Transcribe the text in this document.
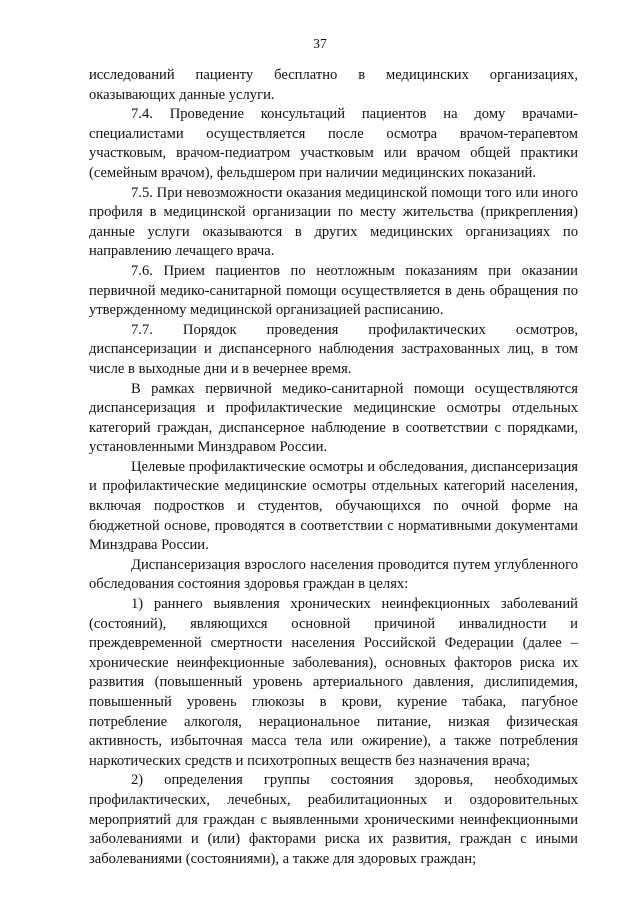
37

исследований пациенту бесплатно в медицинских организациях, оказывающих данные услуги.

7.4. Проведение консультаций пациентов на дому врачами-специалистами осуществляется после осмотра врачом-терапевтом участковым, врачом-педиатром участковым или врачом общей практики (семейным врачом), фельдшером при наличии медицинских показаний.

7.5. При невозможности оказания медицинской помощи того или иного профиля в медицинской организации по месту жительства (прикрепления) данные услуги оказываются в других медицинских организациях по направлению лечащего врача.

7.6. Прием пациентов по неотложным показаниям при оказании первичной медико-санитарной помощи осуществляется в день обращения по утвержденному медицинской организацией расписанию.

7.7. Порядок проведения профилактических осмотров, диспансеризации и диспансерного наблюдения застрахованных лиц, в том числе в выходные дни и в вечернее время.

В рамках первичной медико-санитарной помощи осуществляются диспансеризация и профилактические медицинские осмотры отдельных категорий граждан, диспансерное наблюдение в соответствии с порядками, установленными Минздравом России.

Целевые профилактические осмотры и обследования, диспансеризация и профилактические медицинские осмотры отдельных категорий населения, включая подростков и студентов, обучающихся по очной форме на бюджетной основе, проводятся в соответствии с нормативными документами Минздрава России.

Диспансеризация взрослого населения проводится путем углубленного обследования состояния здоровья граждан в целях:

1) раннего выявления хронических неинфекционных заболеваний (состояний), являющихся основной причиной инвалидности и преждевременной смертности населения Российской Федерации (далее – хронические неинфекционные заболевания), основных факторов риска их развития (повышенный уровень артериального давления, дислипидемия, повышенный уровень глюкозы в крови, курение табака, пагубное потребление алкоголя, нерациональное питание, низкая физическая активность, избыточная масса тела или ожирение), а также потребления наркотических средств и психотропных веществ без назначения врача;

2) определения группы состояния здоровья, необходимых профилактических, лечебных, реабилитационных и оздоровительных мероприятий для граждан с выявленными хроническими неинфекционными заболеваниями и (или) факторами риска их развития, граждан с иными заболеваниями (состояниями), а также для здоровых граждан;
